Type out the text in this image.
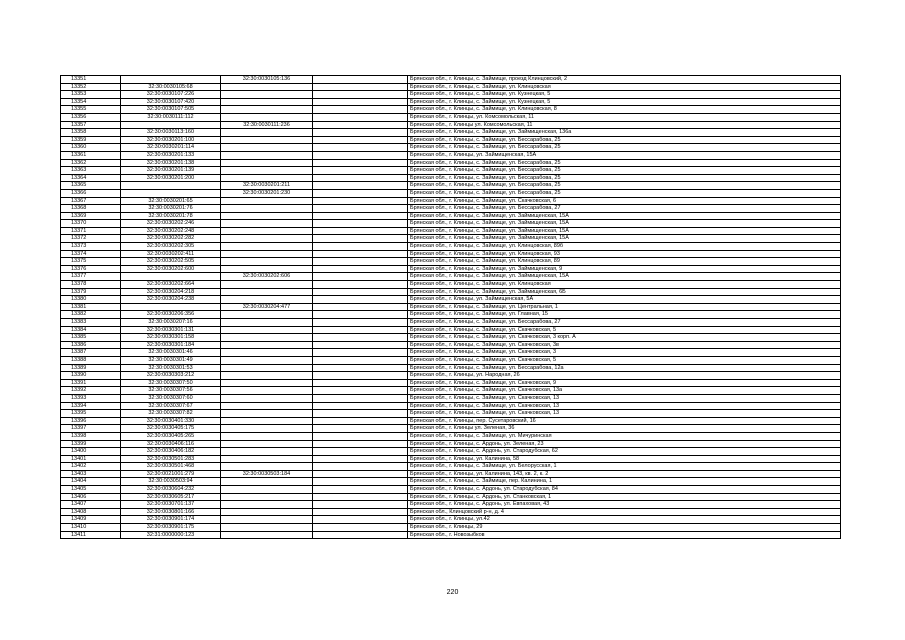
13351		32:30:0030105:136		Брянская обл., г. Клинцы, с. Займище, проезд Клинцовский, 2
13352	32:30:0030105:68			Брянская обл., г. Клинцы, с. Займище, ул. Клинцовская
13353	32:30:0030107:226			Брянская обл., г. Клинцы, с. Займище, ул. Кузнецкая, 5
13354	32:30:0030107:420			Брянская обл., г. Клинцы, с. Займище, ул. Кузнецкая, 5
13355	32:30:0030107:505			Брянская обл., г. Клинцы, с. Займище, ул. Клинцовская, 8
13356	32:30:0030111:112			Брянская обл., г. Клинцы, ул. Комсомольская, 11
13357		32:30:0030111:236		Брянская обл., г. Клинцы ул. Комсомольская, 11
13358	32:30:0030113:160			Брянская обл., г. Клинцы, с. Займище, ул. Займищенская, 136а
13359	32:30:0030201:100			Брянская обл., г. Клинцы, с. Займище, ул. Бессарабова, 25
13360	32:30:0030201:114			Брянская обл., г. Клинцы, с. Займище, ул. Бессарабова, 25
13361	32:30:0030201:133			Брянская обл., г. Клинцы, ул. Займищенская, 15А
13362	32:30:0030201:138			Брянская обл., г. Клинцы, с. Займище, ул. Бессарабова, 25
13363	32:30:0030201:139			Брянская обл., г. Клинцы, с. Займище, ул. Бессарабова, 25
13364	32:30:0030201:200			Брянская обл., г. Клинцы, с. Займище, ул. Бессарабова, 25
13365		32:30:0030201:211		Брянская обл., г. Клинцы, с. Займище, ул. Бессарабова, 25
13366		32:30:0030201:230		Брянская обл., г. Клинцы, с. Займище, ул. Бессарабова, 25
13367	32:30:0030201:65			Брянская обл., г. Клинцы, с. Займище, ул. Скачковская, 6
13368	32:30:0030201:76			Брянская обл., г. Клинцы, с. Займище, ул. Бессарабова, 27
13369	32:30:0030201:78			Брянская обл., г. Клинцы, с. Займище, ул. Займищенская, 15А
13370	32:30:0030202:246			Брянская обл., г. Клинцы, с. Займище, ул. Займищенская, 15А
13371	32:30:0030202:248			Брянская обл., г. Клинцы, с. Займище, ул. Займищенская, 15А
13372	32:30:0030202:282			Брянская обл., г. Клинцы, с. Займище, ул. Займищенская, 15А
13373	32:30:0030202:305			Брянская обл., г. Клинцы, с. Займище, ул. Клинцовская, 89б
13374	32:30:0030202:411			Брянская обл., г. Клинцы, с. Займище, ул. Клинцовская, 93
13375	32:30:0030202:505			Брянская обл., г. Клинцы, с. Займище, ул. Клинцовская, 89
13376	32:30:0030202:600			Брянская обл., г. Клинцы, с. Займище, ул. Займищенская, 9
13377		32:30:0030202:606		Брянская обл., г. Клинцы, с. Займище, ул. Займищенская, 15А
13378	32:30:0030202:664			Брянская обл., г. Клинцы, с. Займище, ул. Клинцовская
13379	32:30:0030204:218			Брянская обл., г. Клинцы, с. Займище, ул. Займищенская, 6Б
13380	32:30:0030204:238			Брянская обл., г. Клинцы, ул. Займищенская, 5А
13381		32:30:0030204:477		Брянская обл., г. Клинцы, с. Займище, ул. Центральная, 1
13382	32:30:0030206:356			Брянская обл., г. Клинцы, с. Займище, ул. Главная, 15
13383	32:30:0030207:16			Брянская обл., г. Клинцы, с. Займище, ул. Бессарабова, 27
13384	32:30:0030301:131			Брянская обл., г. Клинцы, с. Займище, ул. Скачковская, 5
13385	32:30:0030301:158			Брянская обл., г. Клинцы, с. Займище, ул. Скачковская, 3 корп. А
13386	32:30:0030301:184			Брянская обл., г. Клинцы, с. Займище, ул. Скачковская, 3в
13387	32:30:0030301:46			Брянская обл., г. Клинцы, с. Займище, ул. Скачковская, 3
13388	32:30:0030301:49			Брянская обл., г. Клинцы, с. Займище, ул. Скачковская, 5
13389	32:30:0030301:53			Брянская обл., г. Клинцы, с. Займище, ул. Бессарабова, 12а
13390	32:30:0030303:212			Брянская обл., г. Клинцы, ул. Народная, 26
13391	32:30:0030307:50			Брянская обл., г. Клинцы, с. Займище, ул. Скачковская, 9
13392	32:30:0030307:56			Брянская обл., г. Клинцы, с. Займище, ул. Скачковская, 13а
13393	32:30:0030307:60			Брянская обл., г. Клинцы, с. Займище, ул. Скачковская, 13
13394	32:30:0030307:67			Брянская обл., г. Клинцы, с. Займище, ул. Скачковская, 13
13395	32:30:0030307:82			Брянская обл., г. Клинцы, с. Займище, ул. Скачковская, 13
13396	32:30:0030401:330			Брянская обл., г. Клинцы, пер. Сусетаровский, 16
13397	32:30:0030405:175			Брянская обл., г. Клинцы ул. Зеленая, 36
13398	32:30:0030405:265			Брянская обл., г. Клинцы, с. Займище, ул. Мичуринская
13399	32:30:0030406:116			Брянская обл., г. Клинцы, с. Ардонь, ул. Зеленая, 23
13400	32:30:0030406:182			Брянская обл., г. Клинцы, с. Ардонь, ул. Стародубская, 62
13401	32:30:0030501:283			Брянская обл., г. Клинцы, ул. Калинина, 58
13402	32:30:0030501:468			Брянская обл., г. Клинцы, с. Займище, ул. Белорусская, 1
13403	32:30:0021001:279	32:30:0030503:184		Брянская обл., г. Клинцы, ул. Калинина, 143, кв. 2, к. 2
13404	32:30:0030503:94			Брянская обл., г. Клинцы, с. Займище, пер. Калинина, 1
13405	32:30:0030604:232			Брянская обл., г. Клинцы, с. Ардонь, ул. Стародубская, 84
13406	32:30:0030605:217			Брянская обл., г. Клинцы, с. Ардонь, ул. Станковская, 1
13407	32:30:0030701:137			Брянская обл., г. Клинцы, с. Ардонь, ул. Евпаховая, 43
13408	32:30:0030801:166			Брянская обл., Клинцовский р-н, д. 4
13409	32:30:0030901:174			Брянская обл., г. Клинцы, ул.42
13410	32:30:0030901:175			Брянская обл., г. Клинцы, 29
13411	32:31:0000000:123			Брянская обл., г. Новозыбков
220
